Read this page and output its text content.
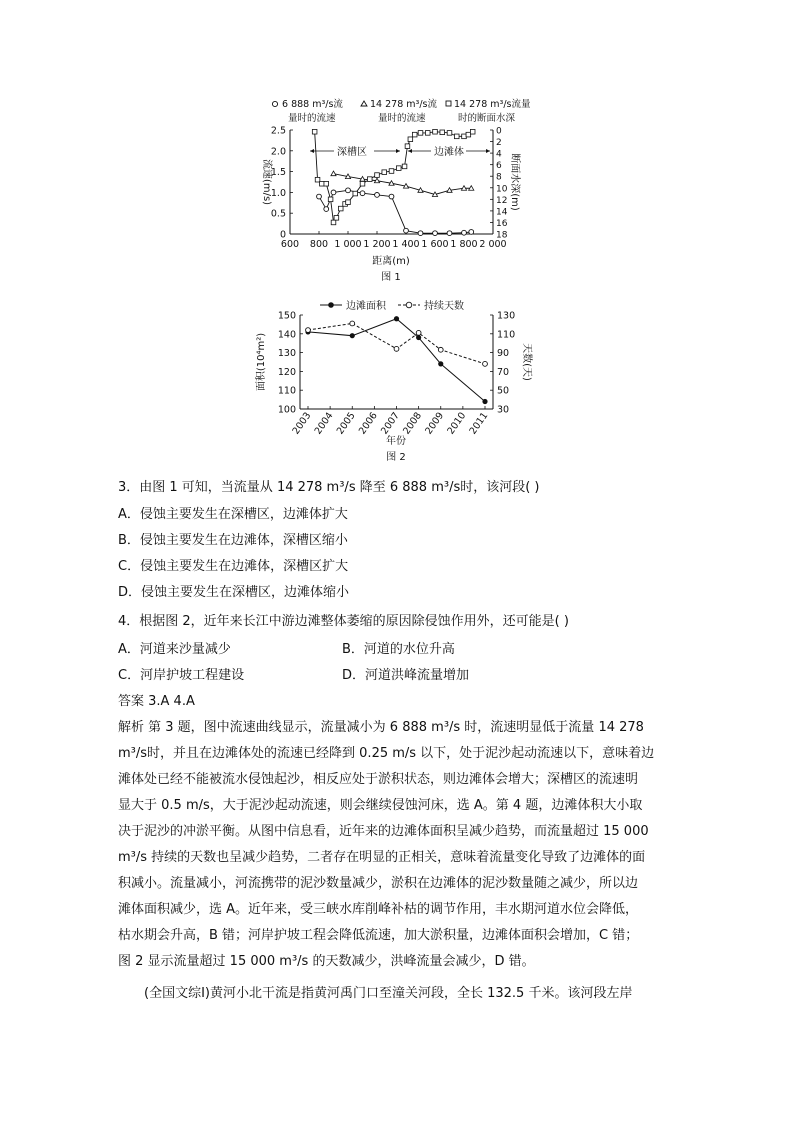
6 888 m³/s流
量时的流速
14 278 m³/s流
量时的流速
14 278 m³/s流量
时的断面水深
600 800 1 000 1 200 1 400 1 600 1 800 2 000
0
0.5
1.0
1.5
2.0
2.5	0
2
4
6
8
10
12
14
16
18
深槽区	边滩体
流速(m/s)	断面水深(m)
距离(m)
图 1
边滩面积	持续天数
2003 2004 2005 2006 2007 2008 2009 2010 2011
100
110
120
130
140
150
30
50
70
90
110
130
面积(10⁴m²)	天数(天)
年份
图 2
3．由图 1 可知，当流量从 14 278 m³/s 降至 6 888 m³/s时，该河段( )
A．侵蚀主要发生在深槽区，边滩体扩大
B．侵蚀主要发生在边滩体，深槽区缩小
C．侵蚀主要发生在边滩体，深槽区扩大
D．侵蚀主要发生在深槽区，边滩体缩小
4．根据图 2，近年来长江中游边滩整体萎缩的原因除侵蚀作用外，还可能是( )
A．河道来沙量减少	B．河道的水位升高
C．河岸护坡工程建设	D．河道洪峰流量增加
答案 3.A 4.A
解析 第 3 题，图中流速曲线显示，流量减小为 6 888 m³/s 时，流速明显低于流量 14 278
m³/s时，并且在边滩体处的流速已经降到 0.25 m/s 以下，处于泥沙起动流速以下，意味着边
滩体处已经不能被流水侵蚀起沙，相反应处于淤积状态，则边滩体会增大；深槽区的流速明
显大于 0.5 m/s，大于泥沙起动流速，则会继续侵蚀河床，选 A。第 4 题，边滩体积大小取
决于泥沙的冲淤平衡。从图中信息看，近年来的边滩体面积呈减少趋势，而流量超过 15 000
m³/s 持续的天数也呈减少趋势，二者存在明显的正相关，意味着流量变化导致了边滩体的面
积减小。流量减小，河流携带的泥沙数量减少，淤积在边滩体的泥沙数量随之减少，所以边
滩体面积减少，选 A。近年来，受三峡水库削峰补枯的调节作用，丰水期河道水位会降低，
枯水期会升高，B 错；河岸护坡工程会降低流速，加大淤积量，边滩体面积会增加，C 错；
图 2 显示流量超过 15 000 m³/s 的天数减少，洪峰流量会减少，D 错。
(全国文综Ⅰ)黄河小北干流是指黄河禹门口至潼关河段，全长 132.5 千米。该河段左岸
